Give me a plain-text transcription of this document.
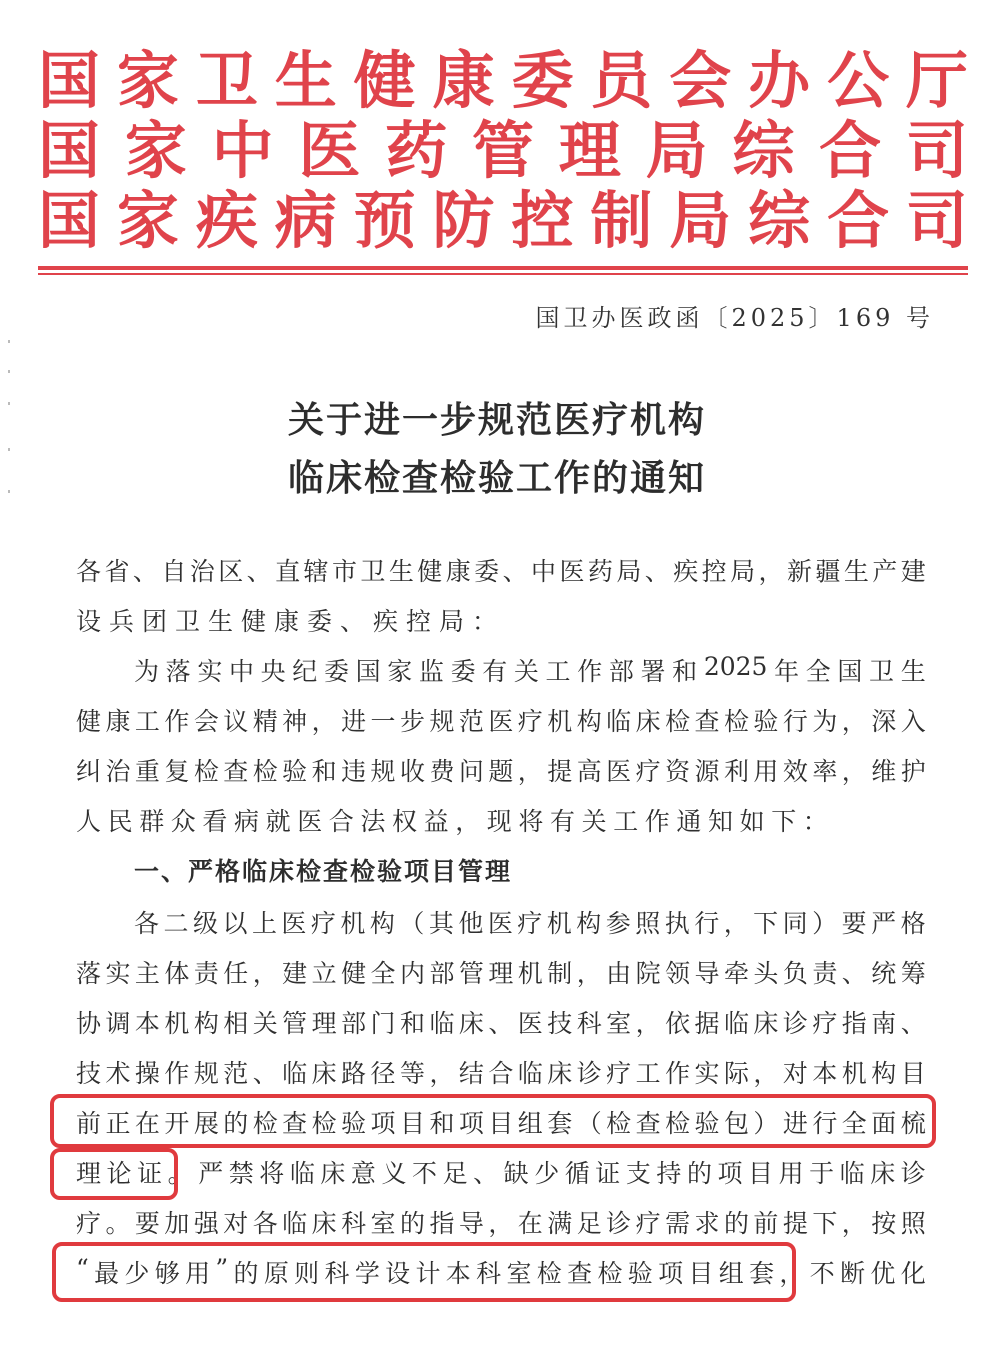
国 家 卫 生 健 康 委 员 会 办 公 厅
国 家 中 医 药 管 理 局 综 合 司
国 家 疾 病 预 防 控 制 局 综 合 司
国卫办医政函〔2025〕169 号
关于进一步规范医疗机构
临床检查检验工作的通知
各 省 、 自 治 区 、 直 辖 市 卫 生 健 康 委 、 中 医 药 局 、 疾 控 局 ， 新 疆 生 产 建
设兵团卫生健康委、疾控局：
为 落 实 中 央 纪 委 国 家 监 委 有 关 工 作 部 署 和 2025 年 全 国 卫 生
健 康 工 作 会 议 精 神 ， 进 一 步 规 范 医 疗 机 构 临 床 检 查 检 验 行 为 ， 深 入
纠 治 重 复 检 查 检 验 和 违 规 收 费 问 题 ， 提 高 医 疗 资 源 利 用 效 率 ， 维 护
人民群众看病就医合法权益，现将有关工作通知如下：
一、严格临床检查检验项目管理
各 二 级 以 上 医 疗 机 构 （ 其 他 医 疗 机 构 参 照 执 行 ， 下 同 ） 要 严 格
落 实 主 体 责 任 ， 建 立 健 全 内 部 管 理 机 制 ， 由 院 领 导 牵 头 负 责 、 统 筹
协 调 本 机 构 相 关 管 理 部 门 和 临 床 、 医 技 科 室 ， 依 据 临 床 诊 疗 指 南 、
技 术 操 作 规 范 、 临 床 路 径 等 ， 结 合 临 床 诊 疗 工 作 实 际 ， 对 本 机 构 目
前 正 在 开 展 的 检 查 检 验 项 目 和 项 目 组 套 （ 检 查 检 验 包 ） 进 行 全 面 梳
理 论 证 。 严 禁 将 临 床 意 义 不 足 、 缺 少 循 证 支 持 的 项 目 用 于 临 床 诊
疗 。 要 加 强 对 各 临 床 科 室 的 指 导 ， 在 满 足 诊 疗 需 求 的 前 提 下 ， 按 照
“ 最 少 够 用 ” 的 原 则 科 学 设 计 本 科 室 检 查 检 验 项 目 组 套 ， 不 断 优 化
